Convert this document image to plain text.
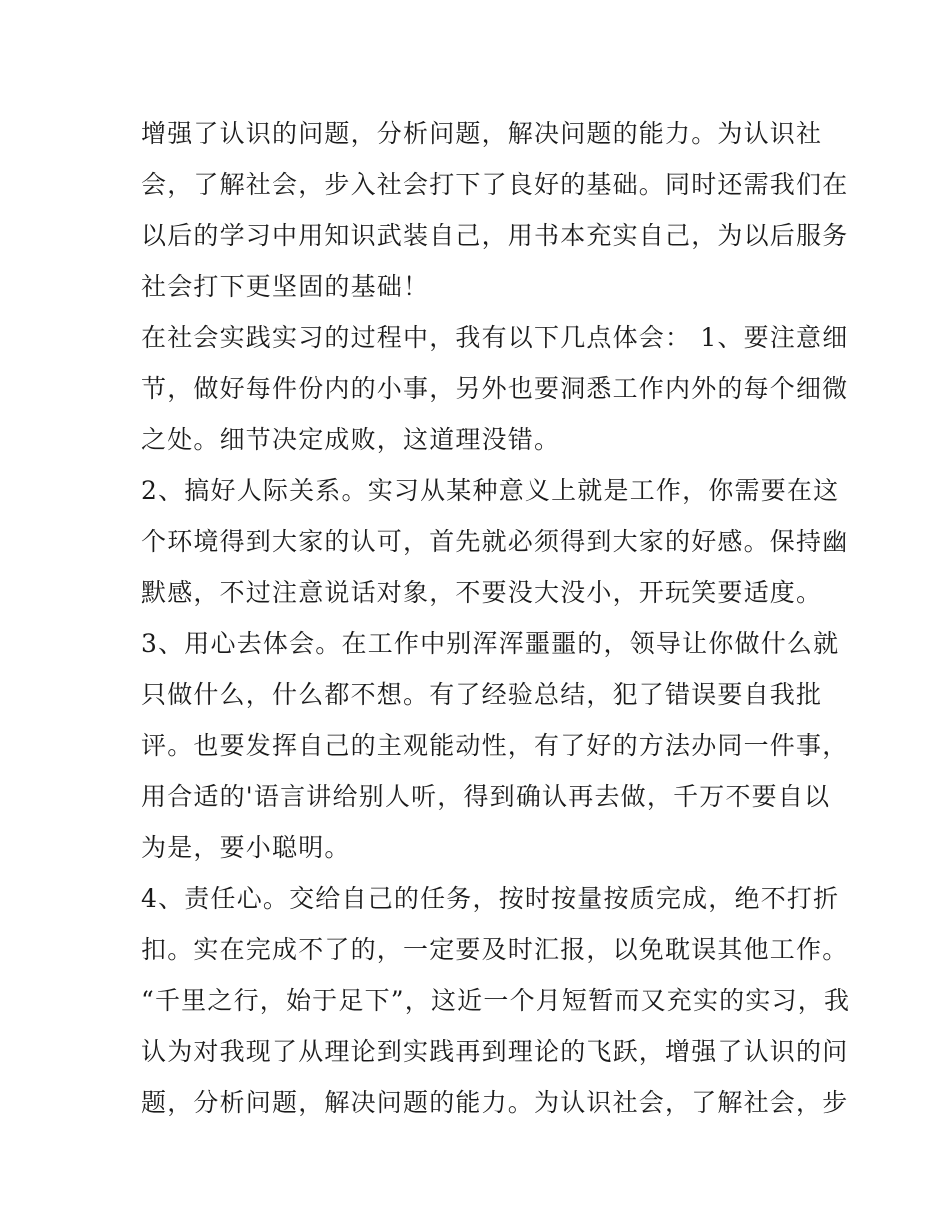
增强了认识的问题，分析问题，解决问题的能力。为认识社
会，了解社会，步入社会打下了良好的基础。同时还需我们在
以后的学习中用知识武装自己，用书本充实自己，为以后服务
社会打下更坚固的基础！
在社会实践实习的过程中，我有以下几点体会： 1、要注意细
节，做好每件份内的小事，另外也要洞悉工作内外的每个细微
之处。细节决定成败，这道理没错。
2、搞好人际关系。实习从某种意义上就是工作，你需要在这
个环境得到大家的认可，首先就必须得到大家的好感。保持幽
默感，不过注意说话对象，不要没大没小，开玩笑要适度。
3、用心去体会。在工作中别浑浑噩噩的，领导让你做什么就
只做什么，什么都不想。有了经验总结，犯了错误要自我批
评。也要发挥自己的主观能动性，有了好的方法办同一件事，
用合适的'语言讲给别人听，得到确认再去做，千万不要自以
为是，要小聪明。
4、责任心。交给自己的任务，按时按量按质完成，绝不打折
扣。实在完成不了的，一定要及时汇报，以免耽误其他工作。
“千里之行，始于足下”，这近一个月短暂而又充实的实习，我
认为对我现了从理论到实践再到理论的飞跃，增强了认识的问
题，分析问题，解决问题的能力。为认识社会，了解社会，步
